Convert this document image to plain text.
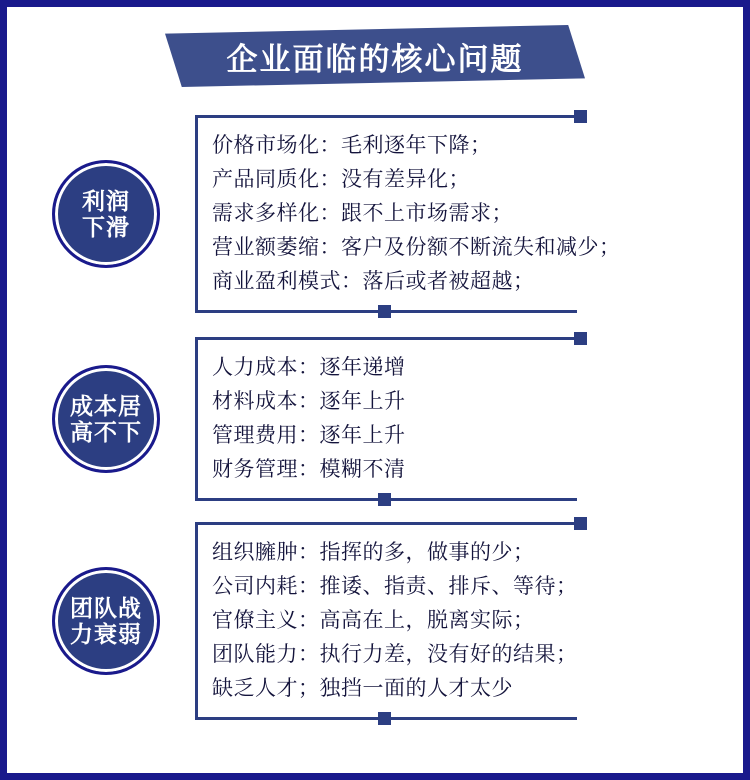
企业面临的核心问题
利润
下滑
价格市场化：毛利逐年下降；
产品同质化：没有差异化；
需求多样化：跟不上市场需求；
营业额萎缩：客户及份额不断流失和减少；
商业盈利模式：落后或者被超越；
成本居
高不下
人力成本：逐年递增
材料成本：逐年上升
管理费用：逐年上升
财务管理：模糊不清
团队战
力衰弱
组织臃肿：指挥的多，做事的少；
公司内耗：推诿、指责、排斥、等待；
官僚主义：高高在上，脱离实际；
团队能力：执行力差，没有好的结果；
缺乏人才；独挡一面的人才太少
